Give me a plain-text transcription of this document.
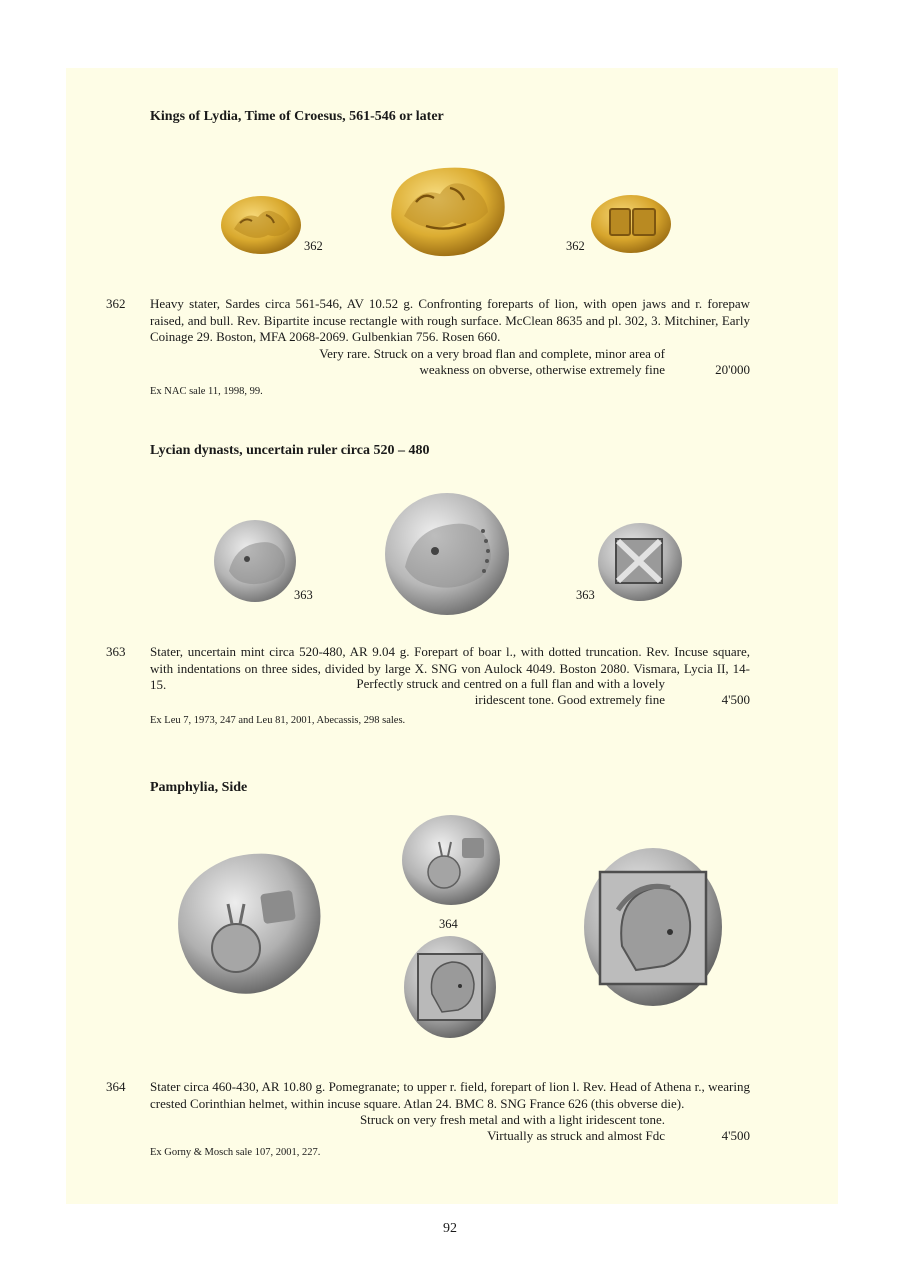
Kings of Lydia, Time of Croesus, 561-546 or later
362	362
362 Heavy stater, Sardes circa 561-546, AV 10.52 g. Confronting foreparts of lion, with open jaws and r. forepaw raised, and bull. Rev. Bipartite incuse rectangle with rough surface. McClean 8635 and pl. 302, 3. Mitchiner, Early Coinage 29. Boston, MFA 2068-2069. Gulbenkian 756. Rosen 660.
Very rare. Struck on a very broad flan and complete, minor area of
weakness on obverse, otherwise extremely fine	20'000
Ex NAC sale 11, 1998, 99.
Lycian dynasts, uncertain ruler circa 520 – 480
363	363
363 Stater, uncertain mint circa 520-480, AR 9.04 g. Forepart of boar l., with dotted truncation. Rev. Incuse square, with indentations on three sides, divided by large X. SNG von Aulock 4049. Boston 2080. Vismara, Lycia II, 14-15.	Perfectly struck and centred on a full flan and with a lovely
iridescent tone. Good extremely fine	4'500
Ex Leu 7, 1973, 247 and Leu 81, 2001, Abecassis, 298 sales.
Pamphylia, Side
364
364 Stater circa 460-430, AR 10.80 g. Pomegranate; to upper r. field, forepart of lion l. Rev. Head of Athena r., wearing crested Corinthian helmet, within incuse square. Atlan 24. BMC 8. SNG France 626 (this obverse die).
Struck on very fresh metal and with a light iridescent tone.
Virtually as struck and almost Fdc	4'500
Ex Gorny & Mosch sale 107, 2001, 227.
92
